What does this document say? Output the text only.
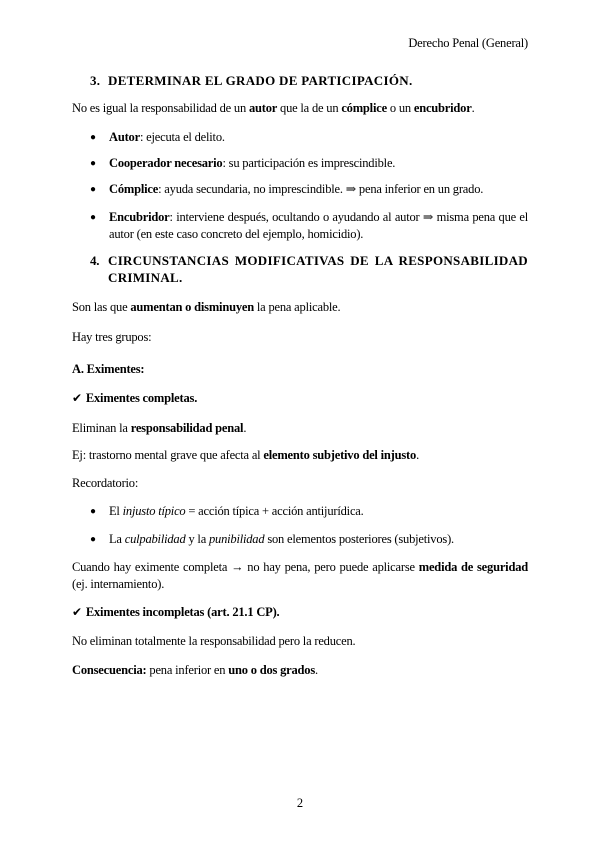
Derecho Penal (General)
3. DETERMINAR EL GRADO DE PARTICIPACIÓN.
No es igual la responsabilidad de un autor que la de un cómplice o un encubridor.
●	Autor: ejecuta el delito.
●	Cooperador necesario: su participación es imprescindible.
●	Cómplice: ayuda secundaria, no imprescindible. ⇒ pena inferior en un grado.
●	Encubridor: interviene después, ocultando o ayudando al autor ⇒ misma pena que el autor (en este caso concreto del ejemplo, homicidio).
4. CIRCUNSTANCIAS MODIFICATIVAS DE LA RESPONSABILIDAD CRIMINAL.
Son las que aumentan o disminuyen la pena aplicable.
Hay tres grupos:
A. Eximentes:
✔ Eximentes completas.
Eliminan la responsabilidad penal.
Ej: trastorno mental grave que afecta al elemento subjetivo del injusto.
Recordatorio:
●	El injusto típico = acción típica + acción antijurídica.
●	La culpabilidad y la punibilidad son elementos posteriores (subjetivos).
Cuando hay eximente completa → no hay pena, pero puede aplicarse medida de seguridad (ej. internamiento).
✔ Eximentes incompletas (art. 21.1 CP).
No eliminan totalmente la responsabilidad pero la reducen.
Consecuencia: pena inferior en uno o dos grados.
2
